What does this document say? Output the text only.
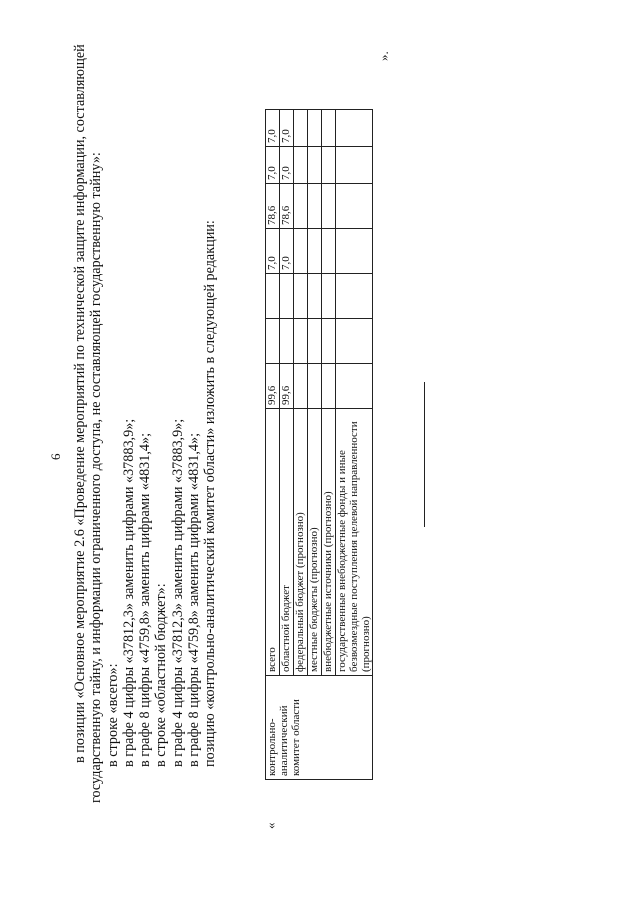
6 в позиции «Основное мероприятие 2.6 «Проведение мероприятий по технической защите информации, составляющей государственную тайну, и информации ограниченного доступа, не составляющей государственную тайну»: в строке «всего»: в графе 4 цифры «37812,3» заменить цифрами «37883,9»; в графе 8 цифры «4759,8» заменить цифрами «4831,4»; в строке «областной бюджет»: в графе 4 цифры «37812,3» заменить цифрами «37883,9»; в графе 8 цифры «4759,8» заменить цифрами «4831,4»; позицию «контрольно-аналитический комитет области» изложить в следующей редакции:
«
».
контрольно-аналитический комитет области	всего	99,6			7,0	78,6	7,0	7,0
	областной бюджет	99,6			7,0	78,6	7,0	7,0
	федеральный бюджет (прогнозно)							
	местные бюджеты (прогнозно)							
	внебюджетные источники (прогнозно)							
	государственные внебюджетные фонды и иные безвозмездные поступления целевой направленности (прогнозно)							
